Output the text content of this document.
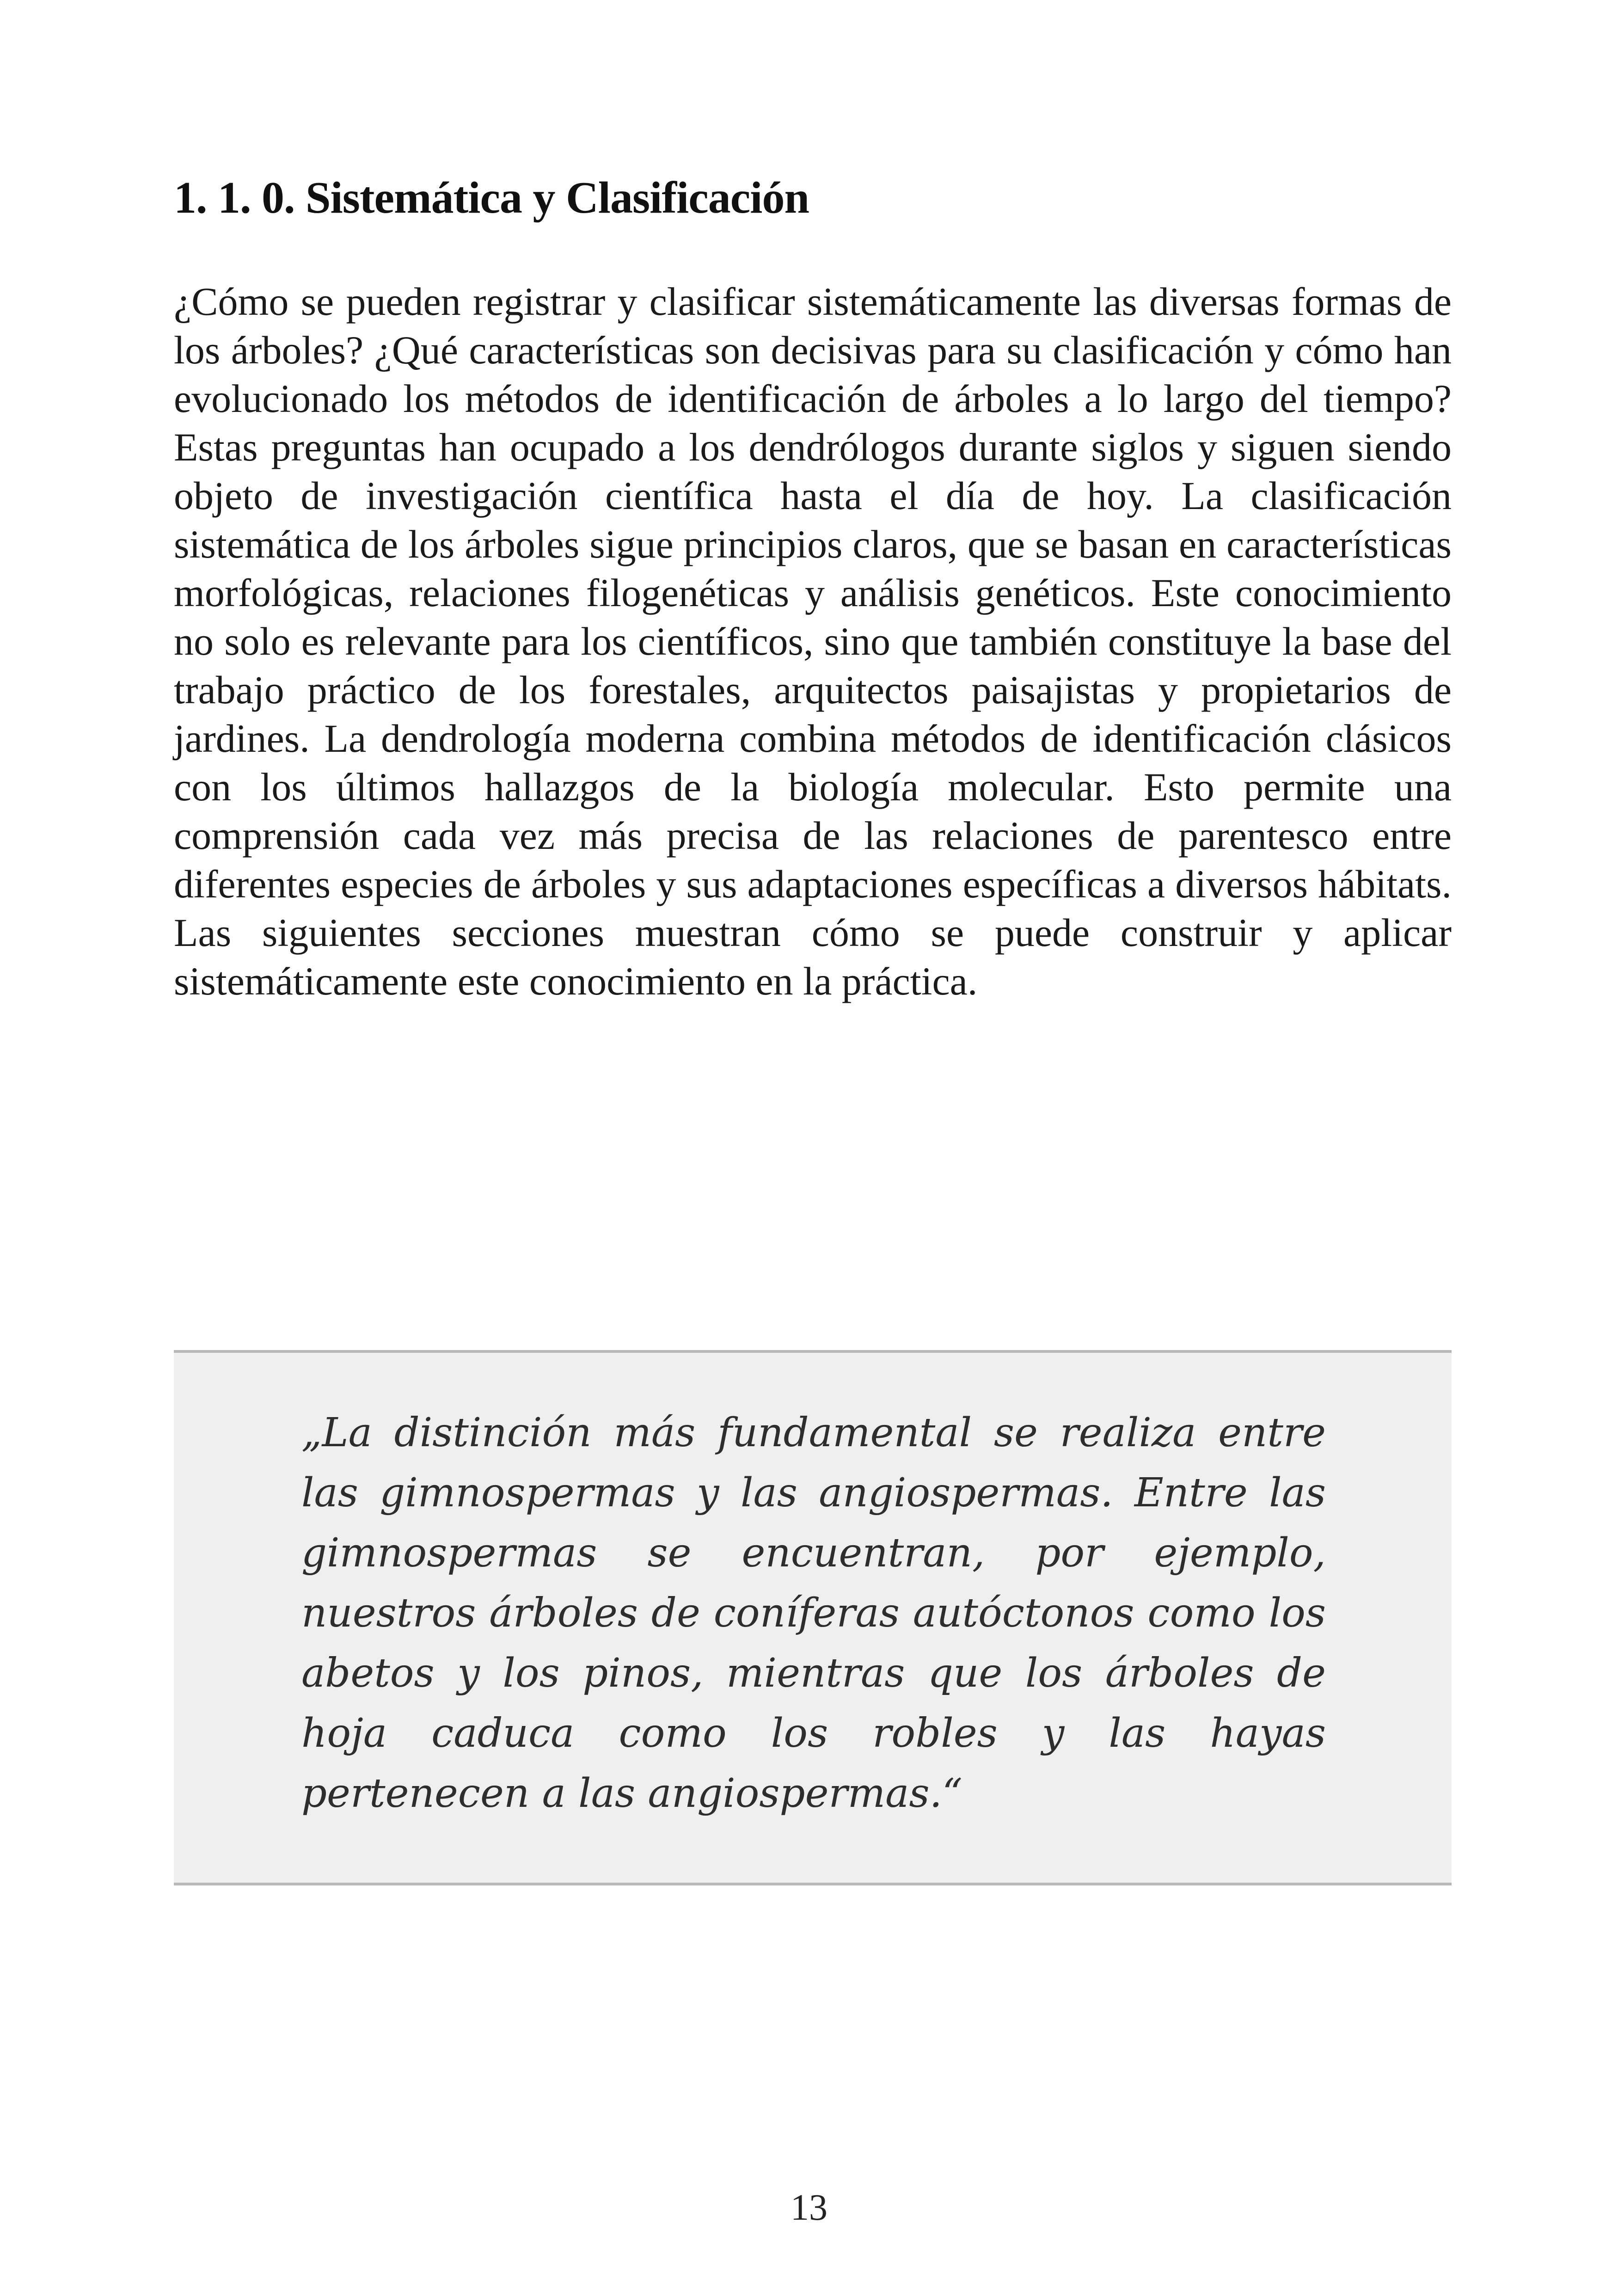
1. 1. 0. Sistemática y Clasificación

¿Cómo se pueden registrar y clasificar sistemáticamente las diversas formas de los árboles? ¿Qué características son decisivas para su clasificación y cómo han evolucionado los métodos de identificación de árboles a lo largo del tiempo? Estas preguntas han ocupado a los dendrólogos durante siglos y siguen siendo objeto de investigación científica hasta el día de hoy. La clasificación sistemática de los árboles sigue principios claros, que se basan en características morfológicas, relaciones filogenéticas y análisis genéticos. Este conocimiento no solo es relevante para los científicos, sino que también constituye la base del trabajo práctico de los forestales, arquitectos paisajistas y propietarios de jardines. La dendrología moderna combina métodos de identificación clásicos con los últimos hallazgos de la biología molecular. Esto permite una comprensión cada vez más precisa de las relaciones de parentesco entre diferentes especies de árboles y sus adaptaciones específicas a diversos hábitats. Las siguientes secciones muestran cómo se puede construir y aplicar sistemáticamente este conocimiento en la práctica.

„La distinción más fundamental se realiza entre las gimnospermas y las angiospermas. Entre las gimnospermas se encuentran, por ejemplo, nuestros árboles de coníferas autóctonos como los abetos y los pinos, mientras que los árboles de hoja caduca como los robles y las hayas pertenecen a las angiospermas.“

13
